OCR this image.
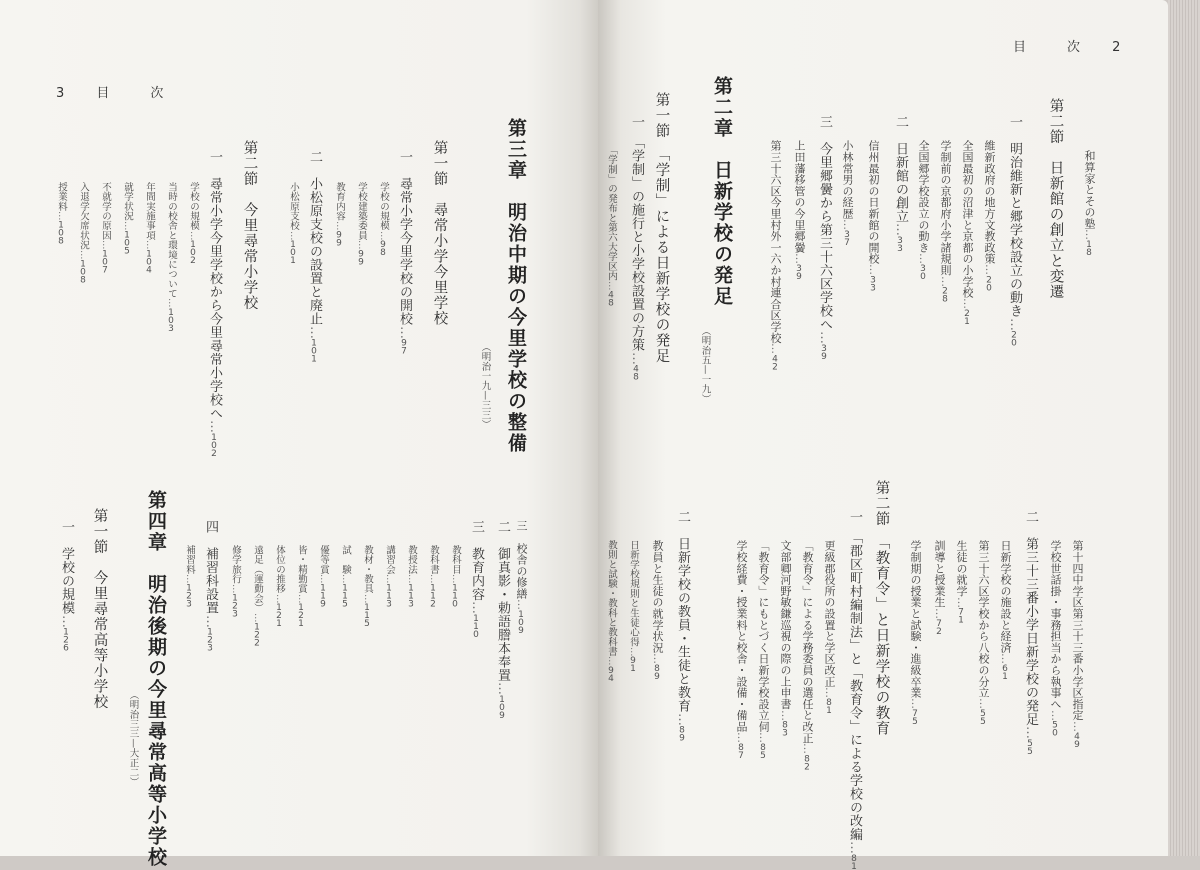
3 目　次
第三章　明治中期の今里学校の整備
（明治一九—三三）
三　校舎の修繕…109
二　御真影・勅語謄本奉置…109
第一節　尋常小学今里学校
三　教育内容…110
教科目…110
一　尋常小学今里学校の開校…97
教科書…112
学校の規模…98
教授法…113
学校建築委員…99
講習会…113
教育内容…99
教材・教具…115
二　小松原支校の設置と廃止…101
試　験…115
小松原支校…101
優等賞…119
第二節　今里尋常小学校
皆・精勤賞…121
体位の推移…121
一　尋常小学今里学校から今里尋常小学校へ…102
遠足（運動会）…122
学校の規模…102
修学旅行…123
当時の校舎と環境について…103
四　補習科設置…123
補習料…123
年間実施事項…104
就学状況…105
不就学の原因…107
入退学欠席状況…108
授業料…108
第四章　明治後期の今里尋常高等小学校
（明治三三—大正二）
第一節　今里尋常高等小学校
一　学校の規模…126
目　次 2
和算家とその塾…18
第二節　日新館の創立と変遷
一　明治維新と郷学校設立の動き…20
維新政府の地方文教政策…20
全国最初の沼津と京都の小学校…21
学制前の京都府小学諸規則…28
全国郷学校設立の動き…30
二　日新館の創立…33
信州最初の日新館の開校…33
小林常男の経歴…37
三　今里郷黌から第三十六区学校へ…39
上田藩移管の今里郷黌…39
第三十六区今里村外一六か村連合区学校…42
第二章　日新学校の発足
（明治五—一九）
第一節　「学制」による日新学校の発足
一　「学制」の施行と小学校設置の方策…48
「学制」の発布と第六大学区内…48
第十四中学区第三十三番小学区指定…49
学校世話掛・事務担当から執事へ…50
二　第三十三番小学日新学校の発足…55
日新学校の施設と経済…61
第三十六区学校から八校の分立…55
生徒の就学…71
訓導と授業生…72
学制期の授業と試験・進級卒業…75
第二節　「教育令」と日新学校の教育
一　「郡区町村編制法」と「教育令」による学校の改編…81
更級郡役所の設置と学区改正…81
「教育令」による学務委員の選任と改正…82
文部卿河野敏鎌巡視の際の上申書…83
「教育令」にもとづく日新学校設立伺…85
学校経費・授業料と校舎・設備・備品…87
二　日新学校の教員・生徒と教育…89
教員と生徒の就学状況…89
日新学校規則と生徒心得…91
教則と試験・教科と教科書…94
